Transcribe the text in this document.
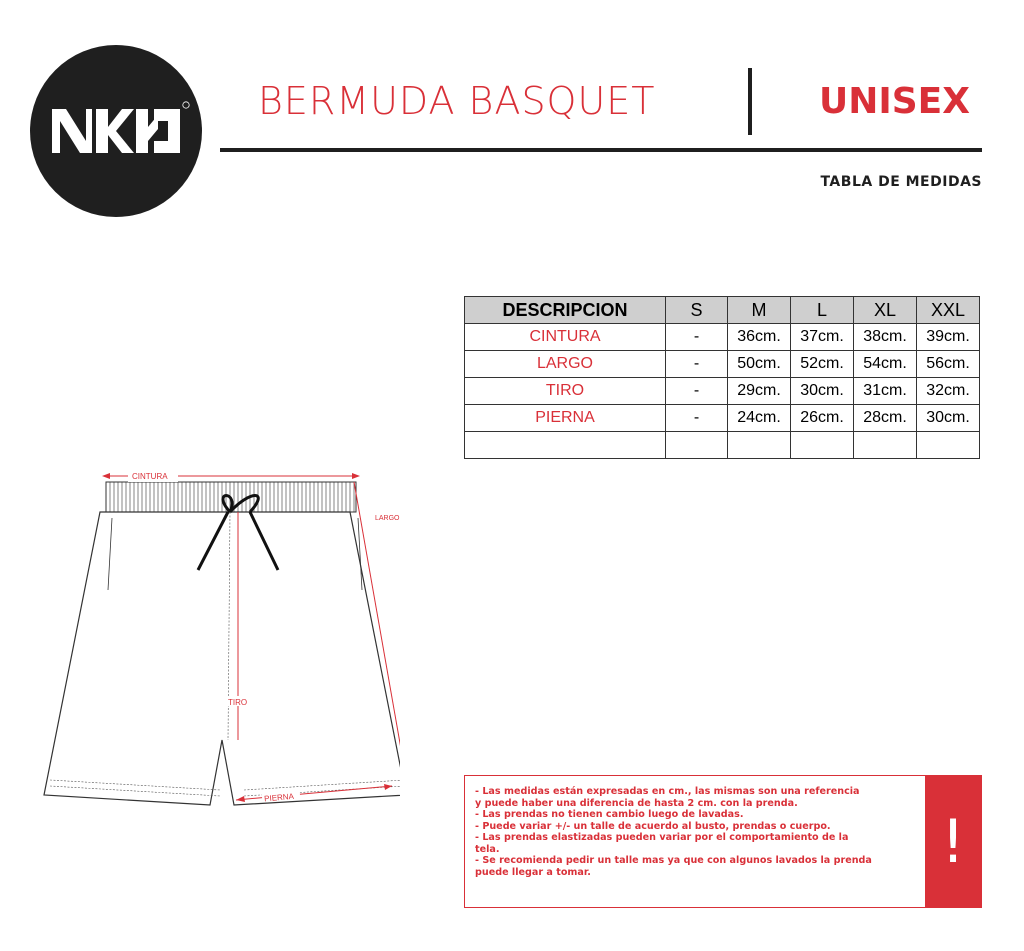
BERMUDA BASQUET	UNISEX

TABLA DE MEDIDAS

DESCRIPCION	S	M	L	XL	XXL
CINTURA	-	36cm.	37cm.	38cm.	39cm.
LARGO	-	50cm.	52cm.	54cm.	56cm.
TIRO	-	29cm.	30cm.	31cm.	32cm.
PIERNA	-	24cm.	26cm.	28cm.	30cm.

CINTURA
LARGO
TIRO
PIERNA

- Las medidas están expresadas en cm., las mismas son una referencia
y puede haber una diferencia de hasta 2 cm. con la prenda.
- Las prendas no tienen cambio luego de lavadas.
- Puede variar +/- un talle de acuerdo al busto, prendas o cuerpo.
- Las prendas elastizadas pueden variar por el comportamiento de la
tela.
- Se recomienda pedir un talle mas ya que con algunos lavados la prenda
puede llegar a tomar.	!
